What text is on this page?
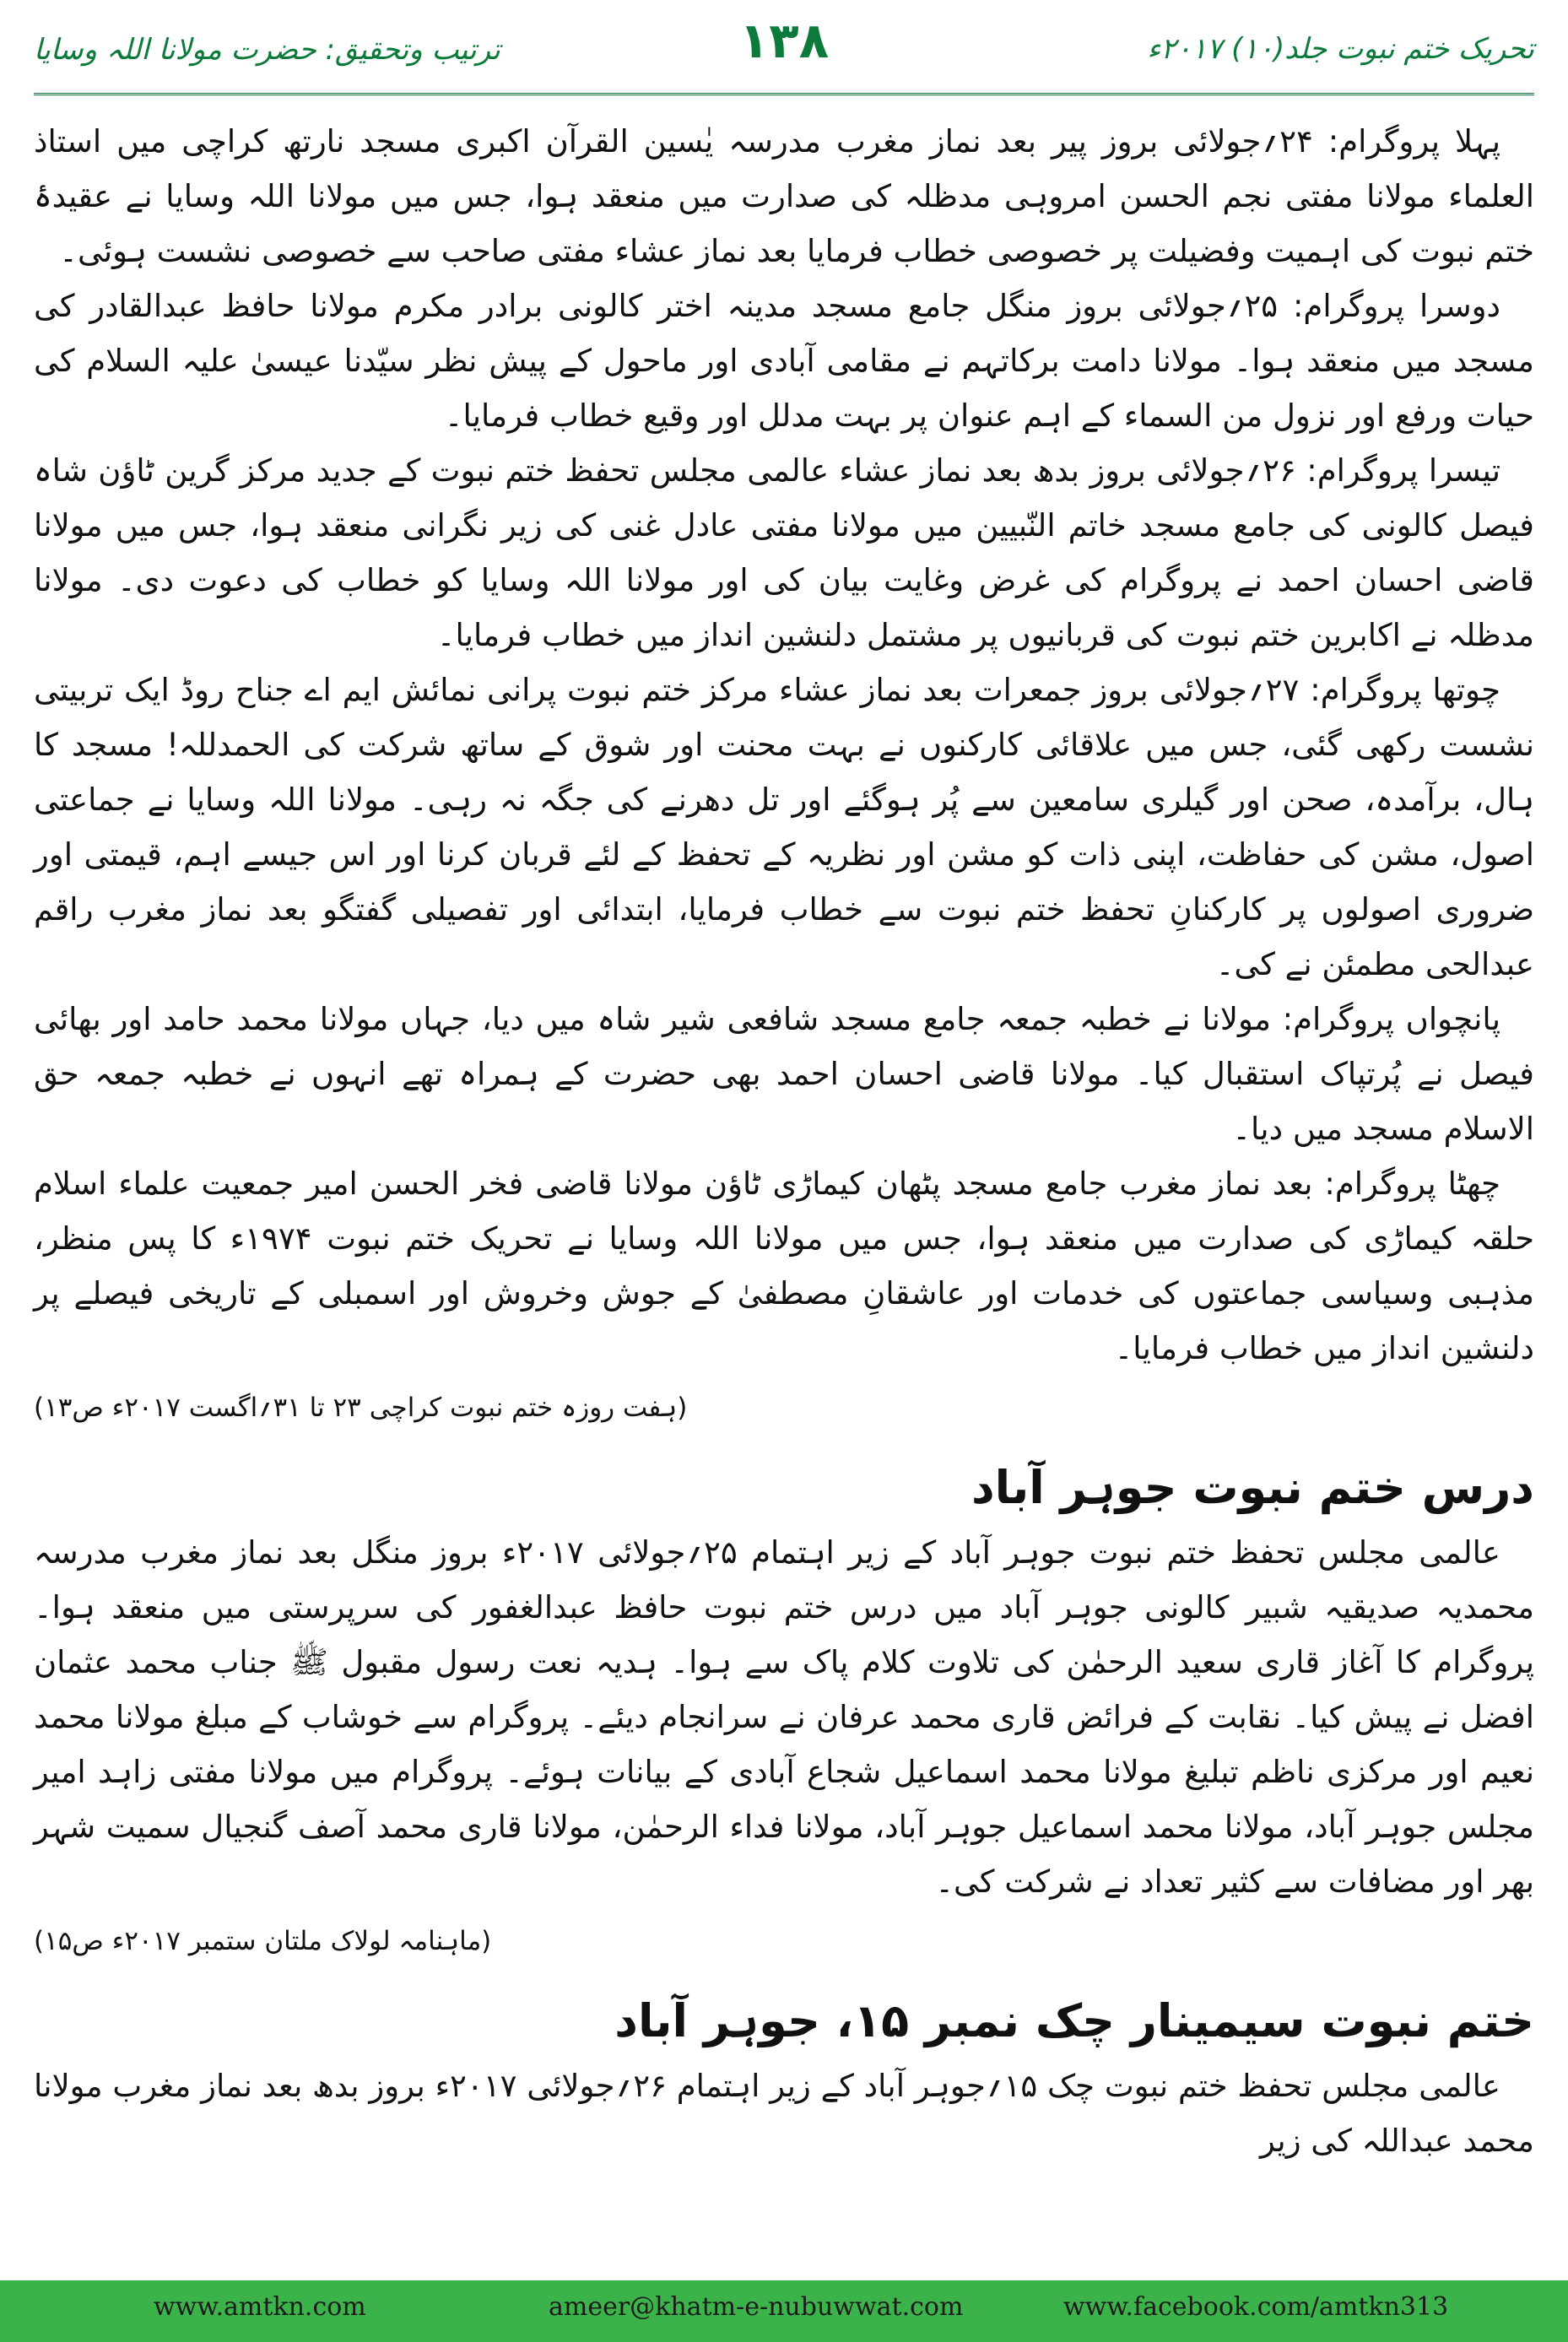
تحریک ختم نبوت جلد(۱۰) ۲۰۱۷ء
۱۳۸
ترتیب وتحقیق: حضرت مولانا اللہ وسایا

پہلا پروگرام: ۲۴؍جولائی بروز پیر بعد نماز مغرب مدرسہ یٰسین القرآن اکبری مسجد نارتھ کراچی میں استاذ العلماء مولانا مفتی نجم الحسن امروہی مدظلہ کی صدارت میں منعقد ہوا، جس میں مولانا اللہ وسایا نے عقیدۂ ختم نبوت کی اہمیت وفضیلت پر خصوصی خطاب فرمایا بعد نماز عشاء مفتی صاحب سے خصوصی نشست ہوئی۔

دوسرا پروگرام: ۲۵؍جولائی بروز منگل جامع مسجد مدینہ اختر کالونی برادر مکرم مولانا حافظ عبدالقادر کی مسجد میں منعقد ہوا۔ مولانا دامت برکاتہم نے مقامی آبادی اور ماحول کے پیش نظر سیّدنا عیسیٰ علیہ السلام کی حیات ورفع اور نزول من السماء کے اہم عنوان پر بہت مدلل اور وقیع خطاب فرمایا۔

تیسرا پروگرام: ۲۶؍جولائی بروز بدھ بعد نماز عشاء عالمی مجلس تحفظ ختم نبوت کے جدید مرکز گرین ٹاؤن شاہ فیصل کالونی کی جامع مسجد خاتم النّبیین میں مولانا مفتی عادل غنی کی زیر نگرانی منعقد ہوا، جس میں مولانا قاضی احسان احمد نے پروگرام کی غرض وغایت بیان کی اور مولانا اللہ وسایا کو خطاب کی دعوت دی۔ مولانا مدظلہ نے اکابرین ختم نبوت کی قربانیوں پر مشتمل دلنشین انداز میں خطاب فرمایا۔

چوتھا پروگرام: ۲۷؍جولائی بروز جمعرات بعد نماز عشاء مرکز ختم نبوت پرانی نمائش ایم اے جناح روڈ ایک تربیتی نشست رکھی گئی، جس میں علاقائی کارکنوں نے بہت محنت اور شوق کے ساتھ شرکت کی الحمدللہ! مسجد کا ہال، برآمدہ، صحن اور گیلری سامعین سے پُر ہوگئے اور تل دھرنے کی جگہ نہ رہی۔ مولانا اللہ وسایا نے جماعتی اصول، مشن کی حفاظت، اپنی ذات کو مشن اور نظریہ کے تحفظ کے لئے قربان کرنا اور اس جیسے اہم، قیمتی اور ضروری اصولوں پر کارکنانِ تحفظ ختم نبوت سے خطاب فرمایا، ابتدائی اور تفصیلی گفتگو بعد نماز مغرب راقم عبدالحی مطمئن نے کی۔

پانچواں پروگرام: مولانا نے خطبہ جمعہ جامع مسجد شافعی شیر شاہ میں دیا، جہاں مولانا محمد حامد اور بھائی فیصل نے پُرتپاک استقبال کیا۔ مولانا قاضی احسان احمد بھی حضرت کے ہمراہ تھے انہوں نے خطبہ جمعہ حق الاسلام مسجد میں دیا۔

چھٹا پروگرام: بعد نماز مغرب جامع مسجد پٹھان کیماڑی ٹاؤن مولانا قاضی فخر الحسن امیر جمعیت علماء اسلام حلقہ کیماڑی کی صدارت میں منعقد ہوا، جس میں مولانا اللہ وسایا نے تحریک ختم نبوت ۱۹۷۴ء کا پس منظر، مذہبی وسیاسی جماعتوں کی خدمات اور عاشقانِ مصطفیٰ کے جوش وخروش اور اسمبلی کے تاریخی فیصلے پر دلنشین انداز میں خطاب فرمایا۔

(ہفت روزہ ختم نبوت کراچی ۲۳ تا ۳۱؍اگست ۲۰۱۷ء ص۱۳)
درس ختم نبوت جوہر آباد

عالمی مجلس تحفظ ختم نبوت جوہر آباد کے زیر اہتمام ۲۵؍جولائی ۲۰۱۷ء بروز منگل بعد نماز مغرب مدرسہ محمدیہ صدیقیہ شبیر کالونی جوہر آباد میں درس ختم نبوت حافظ عبدالغفور کی سرپرستی میں منعقد ہوا۔ پروگرام کا آغاز قاری سعید الرحمٰن کی تلاوت کلام پاک سے ہوا۔ ہدیہ نعت رسول مقبول ﷺ جناب محمد عثمان افضل نے پیش کیا۔ نقابت کے فرائض قاری محمد عرفان نے سرانجام دیئے۔ پروگرام سے خوشاب کے مبلغ مولانا محمد نعیم اور مرکزی ناظم تبلیغ مولانا محمد اسماعیل شجاع آبادی کے بیانات ہوئے۔ پروگرام میں مولانا مفتی زاہد امیر مجلس جوہر آباد، مولانا محمد اسماعیل جوہر آباد، مولانا فداء الرحمٰن، مولانا قاری محمد آصف گنجیال سمیت شہر بھر اور مضافات سے کثیر تعداد نے شرکت کی۔

(ماہنامہ لولاک ملتان ستمبر ۲۰۱۷ء ص۱۵)
ختم نبوت سیمینار چک نمبر ۱۵، جوہر آباد

عالمی مجلس تحفظ ختم نبوت چک ۱۵؍جوہر آباد کے زیر اہتمام ۲۶؍جولائی ۲۰۱۷ء بروز بدھ بعد نماز مغرب مولانا محمد عبداللہ کی زیر

www.amtkn.com	ameer@khatm-e-nubuwwat.com	www.facebook.com/amtkn313
